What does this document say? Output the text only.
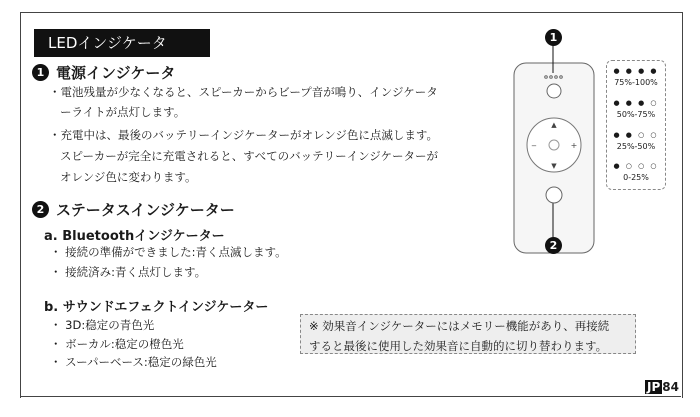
LEDインジケータ
1 電源インジケータ
・電池残量が少なくなると、スピーカーからビープ音が鳴り、インジケータ
ーライトが点灯します。
・充電中は、最後のバッテリーインジケーターがオレンジ色に点滅します。
スピーカーが完全に充電されると、すべてのバッテリーインジケーターが
オレンジ色に変わります。
2 ステータスインジケーター
a. Bluetoothインジケーター
・ 接続の準備ができました:青く点滅します。
・ 接続済み:青く点灯します。
b. サウンドエフェクトインジケーター
・ 3D:稳定の青色光
・ ボーカル:稳定の橙色光
・ スーパーベース:稳定の緑色光
※ 効果音インジケーターにはメモリー機能があり、再接続
すると最後に使用した効果音に自動的に切り替わります。
▲
▼
−	+
1
2
● ● ● ●
75%-100%
● ● ● ○
50%-75%
● ● ○ ○
25%-50%
● ○ ○ ○
0-25%
JP 84
